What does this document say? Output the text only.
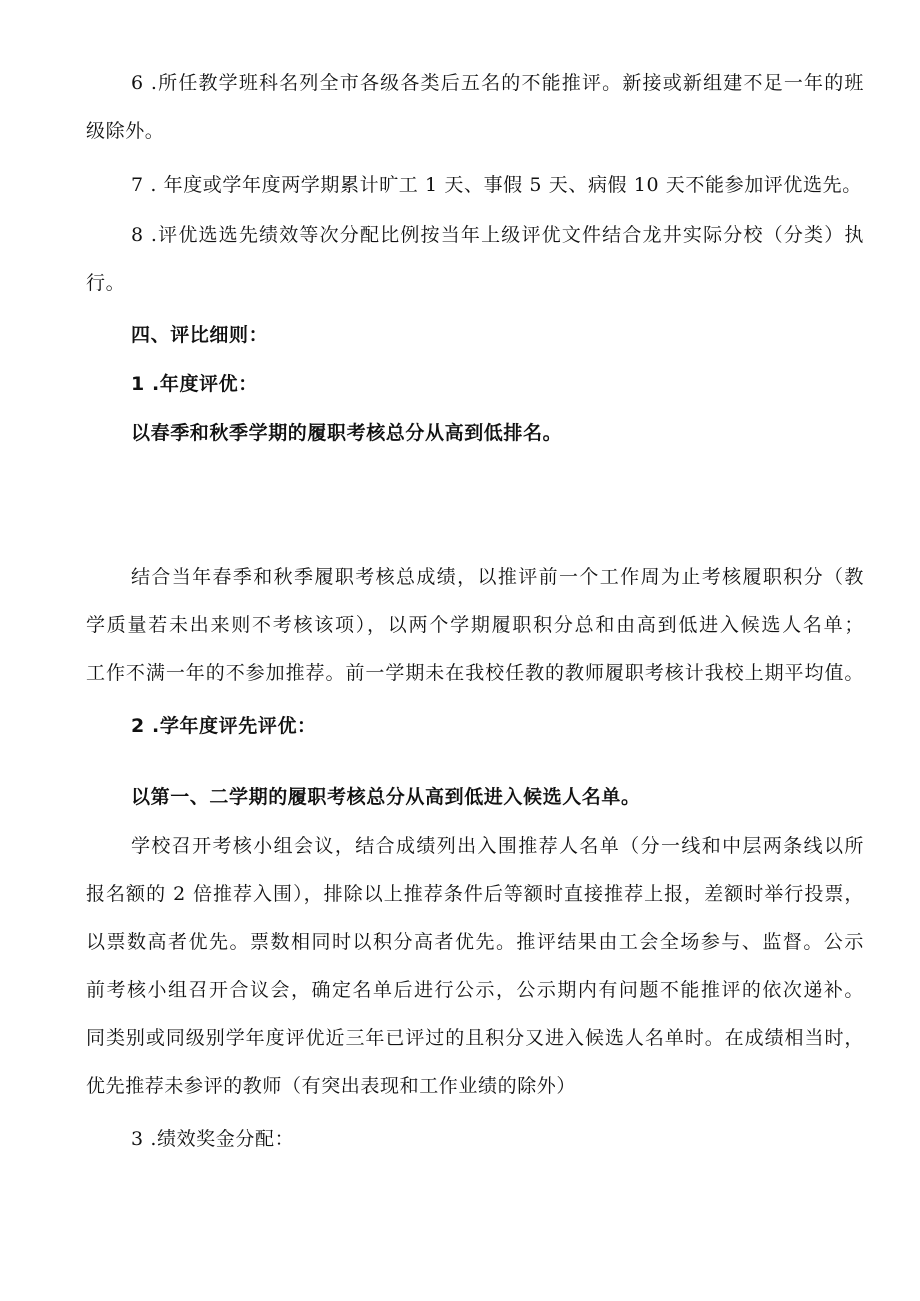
6 .所任教学班科名列全市各级各类后五名的不能推评。新接或新组建不足一年的班
级除外。
7 . 年度或学年度两学期累计旷工 1 天、事假 5 天、病假 10 天不能参加评优选先。
8 .评优选选先绩效等次分配比例按当年上级评优文件结合龙井实际分校（分类）执
行。
四、评比细则：
1 .年度评优：
以春季和秋季学期的履职考核总分从高到低排名。
结合当年春季和秋季履职考核总成绩，以推评前一个工作周为止考核履职积分（教
学质量若未出来则不考核该项），以两个学期履职积分总和由高到低进入候选人名单；
工作不满一年的不参加推荐。前一学期未在我校任教的教师履职考核计我校上期平均值。
2 .学年度评先评优：
以第一、二学期的履职考核总分从高到低进入候选人名单。
学校召开考核小组会议，结合成绩列出入围推荐人名单（分一线和中层两条线以所
报名额的 2 倍推荐入围），排除以上推荐条件后等额时直接推荐上报，差额时举行投票，
以票数高者优先。票数相同时以积分高者优先。推评结果由工会全场参与、监督。公示
前考核小组召开合议会，确定名单后进行公示，公示期内有问题不能推评的依次递补。
同类别或同级别学年度评优近三年已评过的且积分又进入候选人名单时。在成绩相当时，
优先推荐未参评的教师（有突出表现和工作业绩的除外）
3 .绩效奖金分配：
